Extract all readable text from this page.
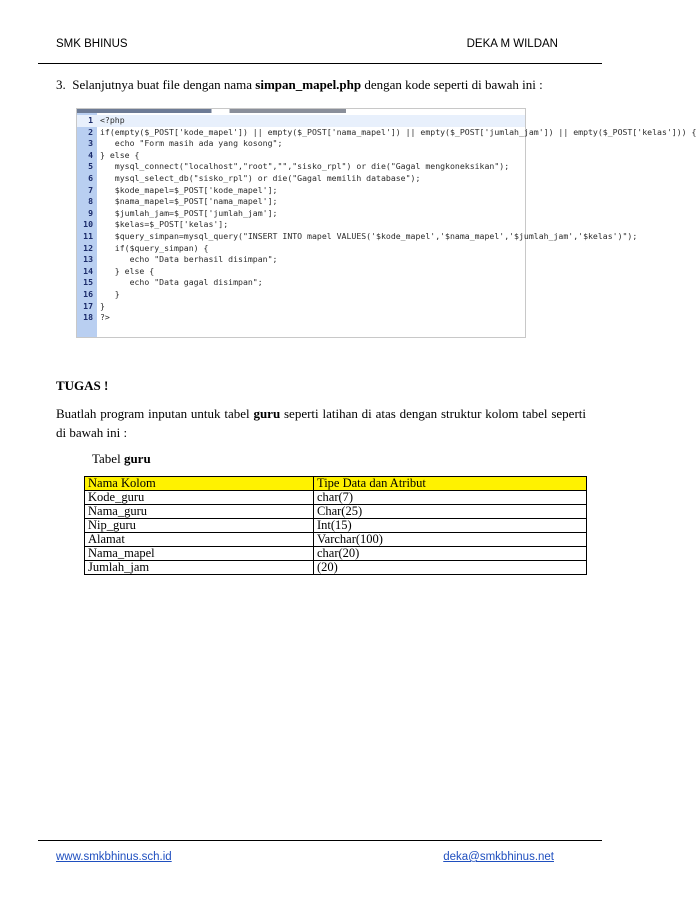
SMK BHINUS	DEKA M WILDAN
3. Selanjutnya buat file dengan nama simpan_mapel.php dengan kode seperti di bawah ini :
1 <?php
2 if(empty($_POST['kode_mapel']) || empty($_POST['nama_mapel']) || empty($_POST['jumlah_jam']) || empty($_POST['kelas'])) {
3 echo "Form masih ada yang kosong";
4 } else {
5 mysql_connect("localhost","root","","sisko_rpl") or die("Gagal mengkoneksikan");
6 mysql_select_db("sisko_rpl") or die("Gagal memilih database");
7 $kode_mapel=$_POST['kode_mapel'];
8 $nama_mapel=$_POST['nama_mapel'];
9 $jumlah_jam=$_POST['jumlah_jam'];
10 $kelas=$_POST['kelas'];
11 $query_simpan=mysql_query("INSERT INTO mapel VALUES('$kode_mapel','$nama_mapel','$jumlah_jam','$kelas')");
12 if($query_simpan) {
13 echo "Data berhasil disimpan";
14 } else {
15 echo "Data gagal disimpan";
16 }
17 }
18 ?>
TUGAS !
Buatlah program inputan untuk tabel guru seperti latihan di atas dengan struktur kolom tabel seperti di bawah ini :
Tabel guru
Nama Kolom	Tipe Data dan Atribut
Kode_guru	char(7)
Nama_guru	Char(25)
Nip_guru	Int(15)
Alamat	Varchar(100)
Nama_mapel	char(20)
Jumlah_jam	(20)
www.smkbhinus.sch.id	deka@smkbhinus.net
